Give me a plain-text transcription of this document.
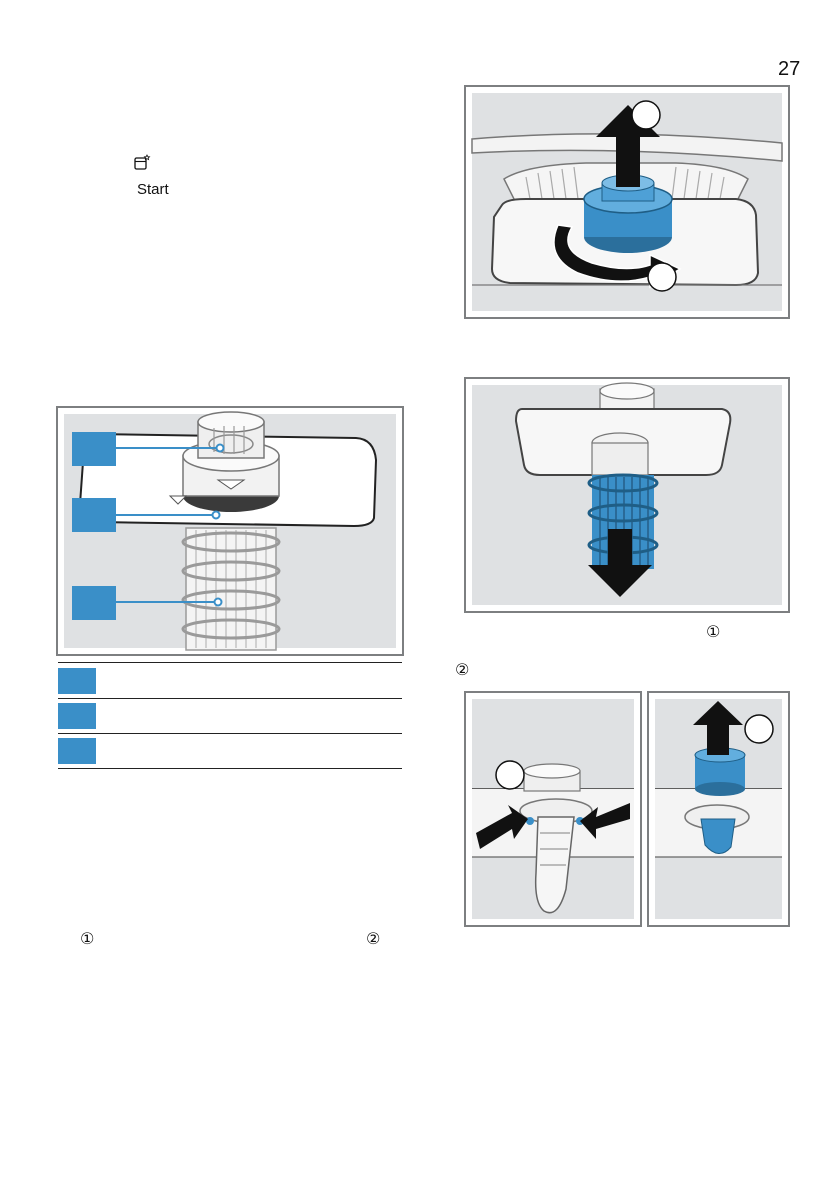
27
Start
①	②
①
②
